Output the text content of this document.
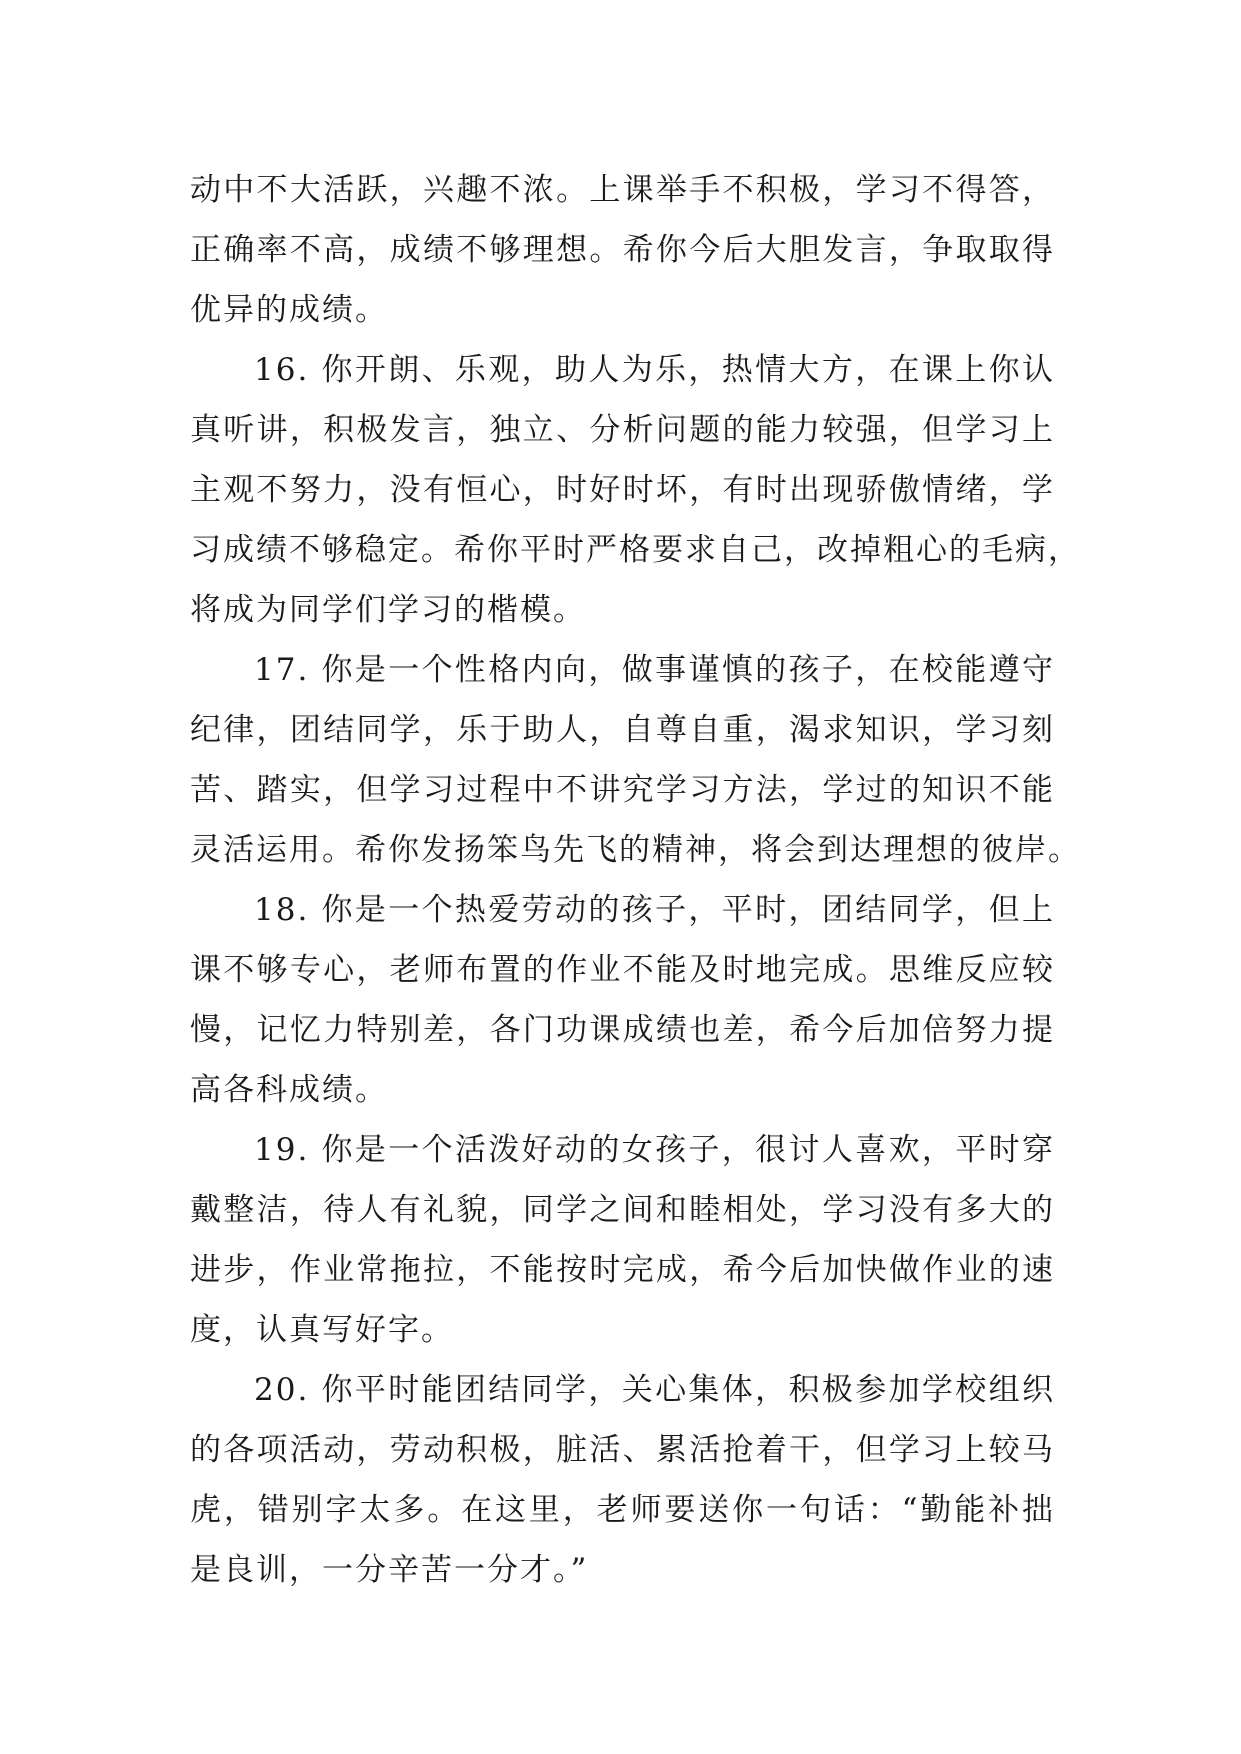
动中不大活跃，兴趣不浓。上课举手不积极，学习不得答，
正确率不高，成绩不够理想。希你今后大胆发言，争取取得
优异的成绩。
16. 你开朗、乐观，助人为乐，热情大方，在课上你认
真听讲，积极发言，独立、分析问题的能力较强，但学习上
主观不努力，没有恒心，时好时坏，有时出现骄傲情绪，学
习成绩不够稳定。希你平时严格要求自己，改掉粗心的毛病，
将成为同学们学习的楷模。
17. 你是一个性格内向，做事谨慎的孩子，在校能遵守
纪律，团结同学，乐于助人，自尊自重，渴求知识，学习刻
苦、踏实，但学习过程中不讲究学习方法，学过的知识不能
灵活运用。希你发扬笨鸟先飞的精神，将会到达理想的彼岸。
18. 你是一个热爱劳动的孩子，平时，团结同学，但上
课不够专心，老师布置的作业不能及时地完成。思维反应较
慢，记忆力特别差，各门功课成绩也差，希今后加倍努力提
高各科成绩。
19. 你是一个活泼好动的女孩子，很讨人喜欢，平时穿
戴整洁，待人有礼貌，同学之间和睦相处，学习没有多大的
进步，作业常拖拉，不能按时完成，希今后加快做作业的速
度，认真写好字。
20. 你平时能团结同学，关心集体，积极参加学校组织
的各项活动，劳动积极，脏活、累活抢着干，但学习上较马
虎，错别字太多。在这里，老师要送你一句话：“勤能补拙
是良训，一分辛苦一分才。”
